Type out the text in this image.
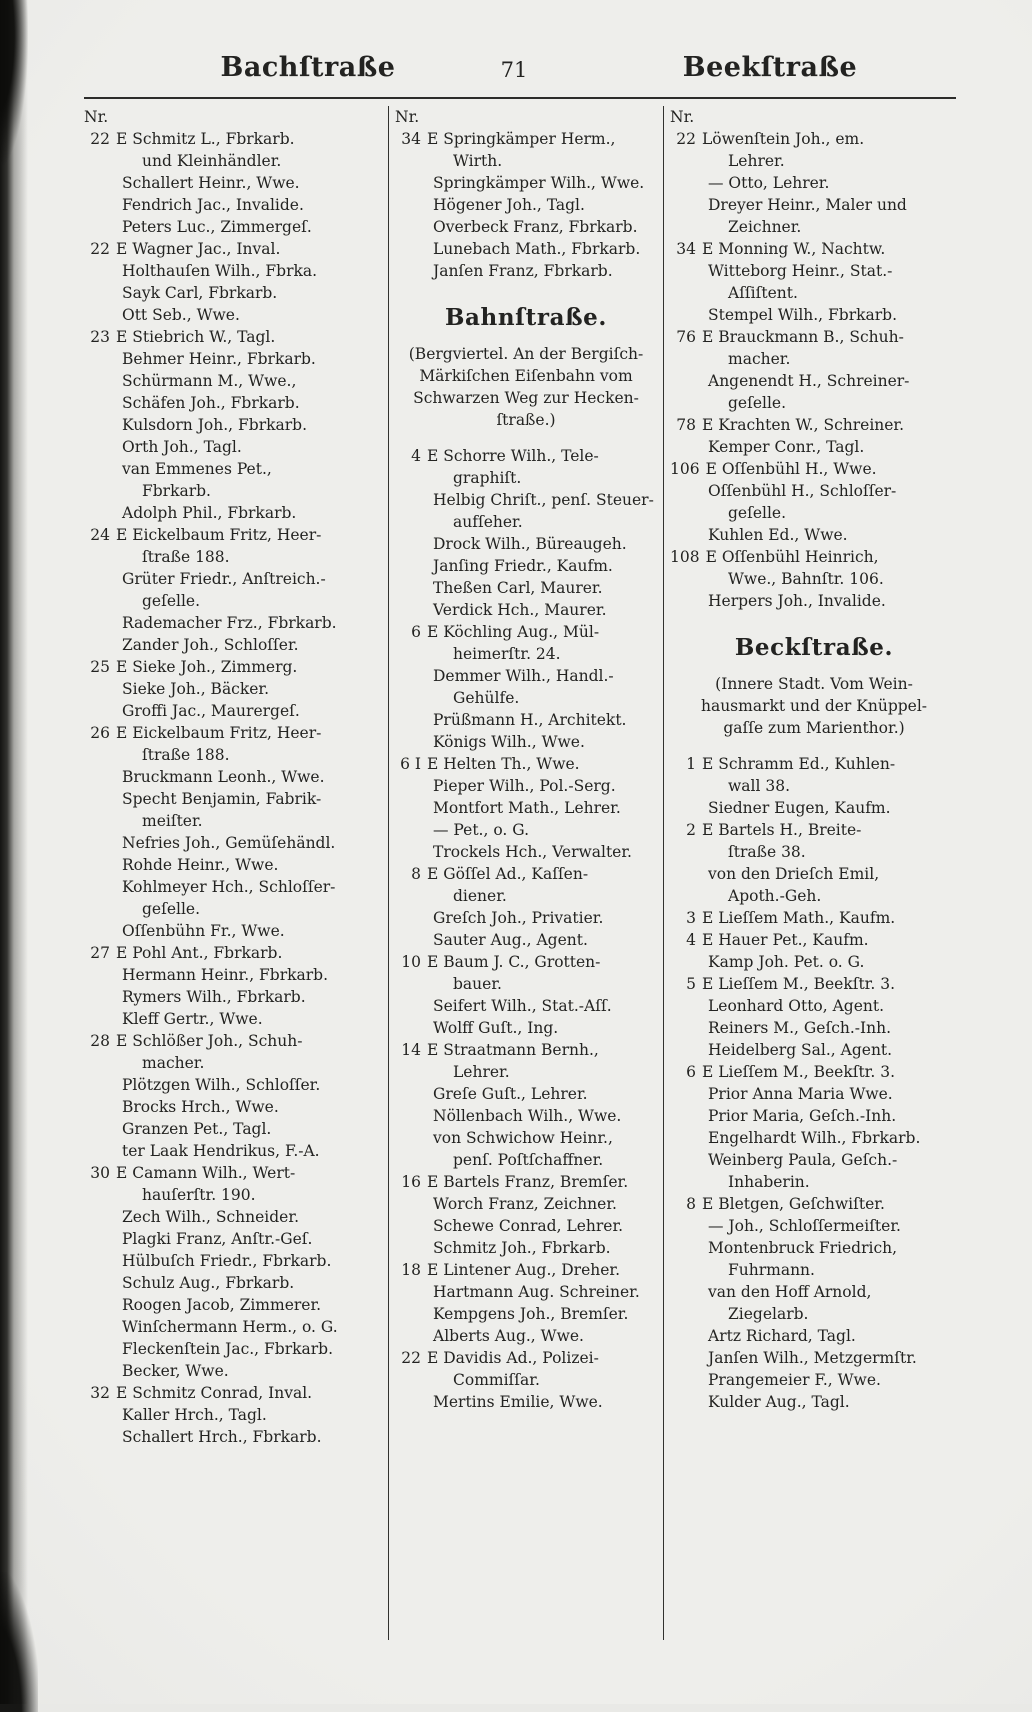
Bachſtraße	71	Beekſtraße
Nr.
22 E Schmitz L., Fbrkarb.
und Kleinhändler.
Schallert Heinr., Wwe.
Fendrich Jac., Invalide.
Peters Luc., Zimmergeſ.
22 E Wagner Jac., Inval.
Holthauſen Wilh., Fbrka.
Sayk Carl, Fbrkarb.
Ott Seb., Wwe.
23 E Stiebrich W., Tagl.
Behmer Heinr., Fbrkarb.
Schürmann M., Wwe.,
Schäfen Joh., Fbrkarb.
Kulsdorn Joh., Fbrkarb.
Orth Joh., Tagl.
van Emmenes Pet.,
Fbrkarb.
Adolph Phil., Fbrkarb.
24 E Eickelbaum Fritz, Heer-
ſtraße 188.
Grüter Friedr., Anſtreich.-
geſelle.
Rademacher Frz., Fbrkarb.
Zander Joh., Schloſſer.
25 E Sieke Joh., Zimmerg.
Sieke Joh., Bäcker.
Groffi Jac., Maurergeſ.
26 E Eickelbaum Fritz, Heer-
ſtraße 188.
Bruckmann Leonh., Wwe.
Specht Benjamin, Fabrik-
meiſter.
Nefries Joh., Gemüſehändl.
Rohde Heinr., Wwe.
Kohlmeyer Hch., Schloſſer-
geſelle.
Oſſenbühn Fr., Wwe.
27 E Pohl Ant., Fbrkarb.
Hermann Heinr., Fbrkarb.
Rymers Wilh., Fbrkarb.
Kleff Gertr., Wwe.
28 E Schlößer Joh., Schuh-
macher.
Plötzgen Wilh., Schloſſer.
Brocks Hrch., Wwe.
Granzen Pet., Tagl.
ter Laak Hendrikus, F.-A.
30 E Camann Wilh., Wert-
hauſerſtr. 190.
Zech Wilh., Schneider.
Plagki Franz, Anſtr.-Geſ.
Hülbuſch Friedr., Fbrkarb.
Schulz Aug., Fbrkarb.
Roogen Jacob, Zimmerer.
Winſchermann Herm., o. G.
Fleckenſtein Jac., Fbrkarb.
Becker, Wwe.
32 E Schmitz Conrad, Inval.
Kaller Hrch., Tagl.
Schallert Hrch., Fbrkarb.
Nr.
34 E Springkämper Herm.,
Wirth.
Springkämper Wilh., Wwe.
Högener Joh., Tagl.
Overbeck Franz, Fbrkarb.
Lunebach Math., Fbrkarb.
Janſen Franz, Fbrkarb.
Bahnſtraße.
(Bergviertel. An der Bergiſch-
Märkiſchen Eiſenbahn vom
Schwarzen Weg zur Hecken-
ſtraße.)
4 E Schorre Wilh., Tele-
graphiſt.
Helbig Chriſt., penſ. Steuer-
aufſeher.
Drock Wilh., Büreaugeh.
Janſing Friedr., Kaufm.
Theßen Carl, Maurer.
Verdick Hch., Maurer.
6 E Köchling Aug., Mül-
heimerſtr. 24.
Demmer Wilh., Handl.-
Gehülfe.
Prüßmann H., Architekt.
Königs Wilh., Wwe.
6 I E Helten Th., Wwe.
Pieper Wilh., Pol.-Serg.
Montfort Math., Lehrer.
— Pet., o. G.
Trockels Hch., Verwalter.
8 E Göſſel Ad., Kaſſen-
diener.
Greſch Joh., Privatier.
Sauter Aug., Agent.
10 E Baum J. C., Grotten-
bauer.
Seifert Wilh., Stat.-Aſſ.
Wolff Guſt., Ing.
14 E Straatmann Bernh.,
Lehrer.
Greſe Guſt., Lehrer.
Nöllenbach Wilh., Wwe.
von Schwichow Heinr.,
penſ. Poſtſchaffner.
16 E Bartels Franz, Bremſer.
Worch Franz, Zeichner.
Schewe Conrad, Lehrer.
Schmitz Joh., Fbrkarb.
18 E Lintener Aug., Dreher.
Hartmann Aug. Schreiner.
Kempgens Joh., Bremſer.
Alberts Aug., Wwe.
22 E Davidis Ad., Polizei-
Commiſſar.
Mertins Emilie, Wwe.
Nr.
22 Löwenſtein Joh., em.
Lehrer.
— Otto, Lehrer.
Dreyer Heinr., Maler und
Zeichner.
34 E Monning W., Nachtw.
Witteborg Heinr., Stat.-
Aſſiſtent.
Stempel Wilh., Fbrkarb.
76 E Brauckmann B., Schuh-
macher.
Angenendt H., Schreiner-
geſelle.
78 E Krachten W., Schreiner.
Kemper Conr., Tagl.
106 E Oſſenbühl H., Wwe.
Oſſenbühl H., Schloſſer-
geſelle.
Kuhlen Ed., Wwe.
108 E Oſſenbühl Heinrich,
Wwe., Bahnſtr. 106.
Herpers Joh., Invalide.
Beckſtraße.
(Innere Stadt. Vom Wein-
hausmarkt und der Knüppel-
gaſſe zum Marienthor.)
1 E Schramm Ed., Kuhlen-
wall 38.
Siedner Eugen, Kaufm.
2 E Bartels H., Breite-
ſtraße 38.
von den Drieſch Emil,
Apoth.-Geh.
3 E Lieſſem Math., Kaufm.
4 E Hauer Pet., Kaufm.
Kamp Joh. Pet. o. G.
5 E Lieſſem M., Beekſtr. 3.
Leonhard Otto, Agent.
Reiners M., Geſch.-Inh.
Heidelberg Sal., Agent.
6 E Lieſſem M., Beekſtr. 3.
Prior Anna Maria Wwe.
Prior Maria, Geſch.-Inh.
Engelhardt Wilh., Fbrkarb.
Weinberg Paula, Geſch.-
Inhaberin.
8 E Bletgen, Geſchwiſter.
— Joh., Schloſſermeiſter.
Montenbruck Friedrich,
Fuhrmann.
van den Hoff Arnold,
Ziegelarb.
Artz Richard, Tagl.
Janſen Wilh., Metzgermſtr.
Prangemeier F., Wwe.
Kulder Aug., Tagl.
